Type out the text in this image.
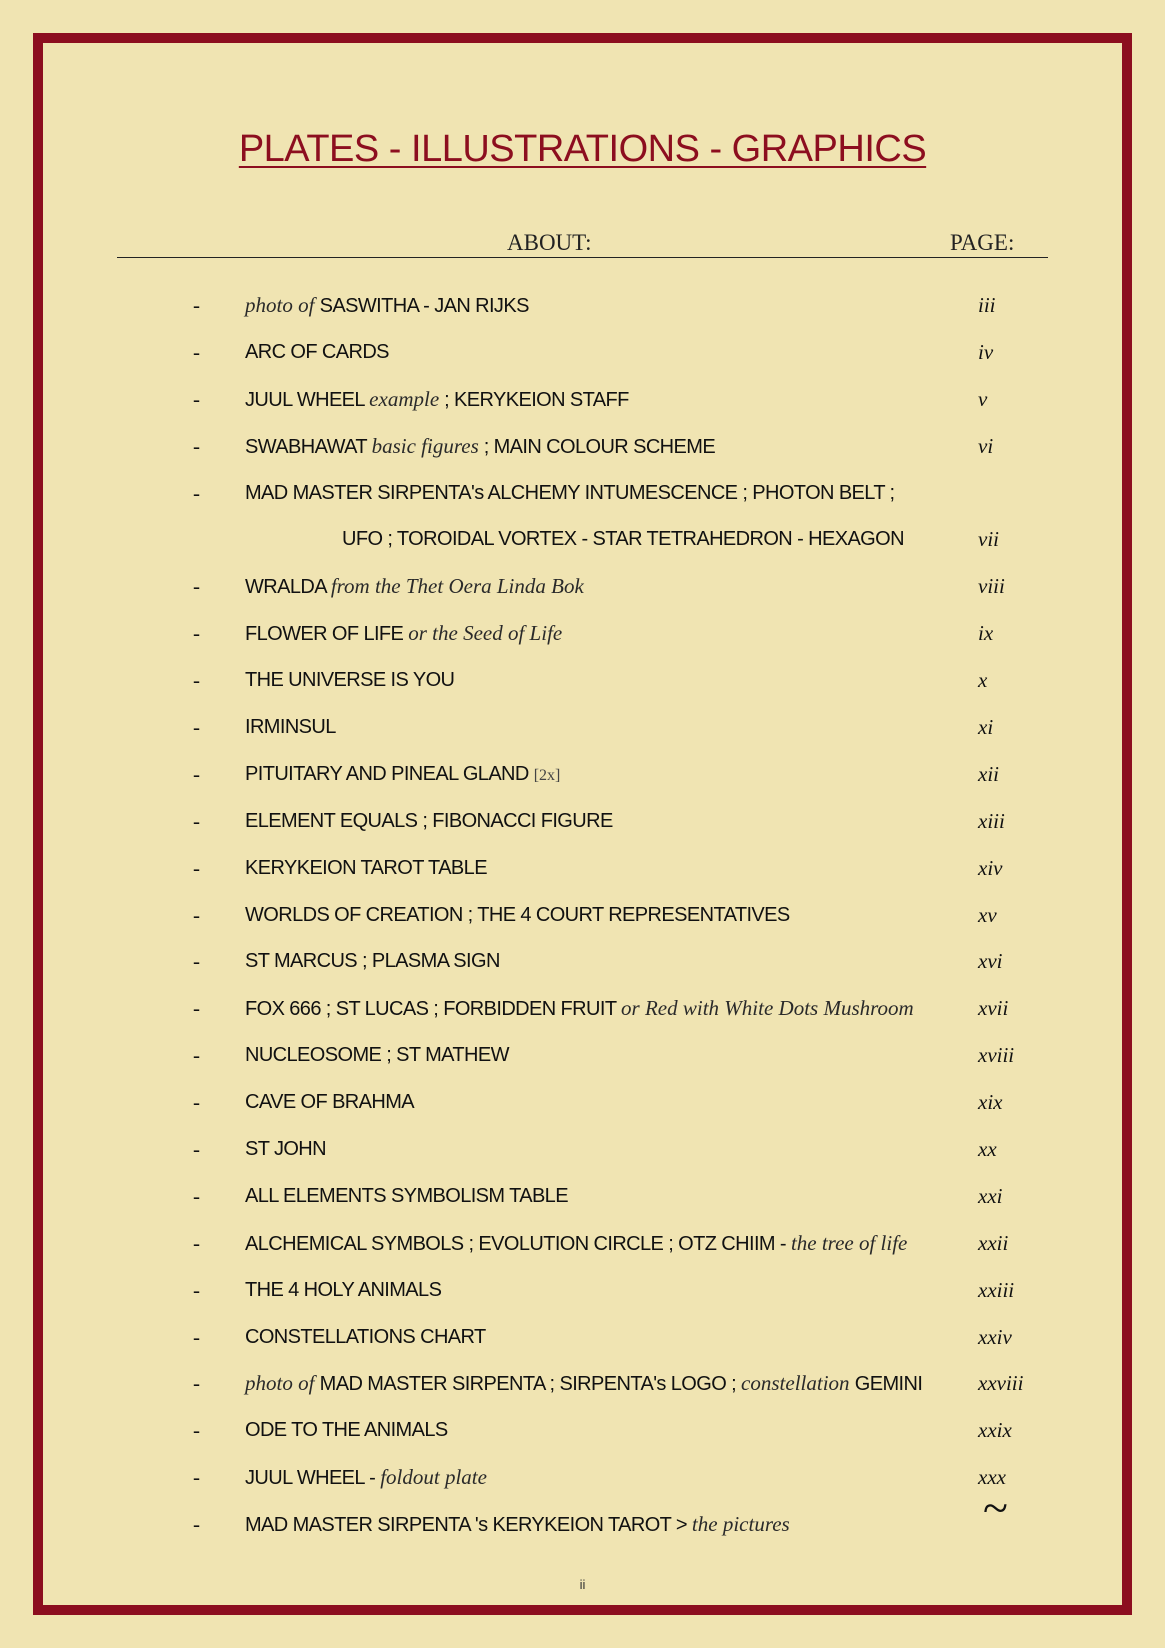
PLATES - ILLUSTRATIONS - GRAPHICS
ABOUT:	PAGE:
- photo of SASWITHA - JAN RIJKS	iii
- ARC OF CARDS	iv
- JUUL WHEEL example ; KERYKEION STAFF	v
- SWABHAWAT basic figures ; MAIN COLOUR SCHEME	vi
- MAD MASTER SIRPENTA's ALCHEMY INTUMESCENCE ; PHOTON BELT ;
UFO ; TOROIDAL VORTEX - STAR TETRAHEDRON - HEXAGON	vii
- WRALDA from the Thet Oera Linda Bok	viii
- FLOWER OF LIFE or the Seed of Life	ix
- THE UNIVERSE IS YOU	x
- IRMINSUL	xi
- PITUITARY AND PINEAL GLAND [2x]	xii
- ELEMENT EQUALS ; FIBONACCI FIGURE	xiii
- KERYKEION TAROT TABLE	xiv
- WORLDS OF CREATION ; THE 4 COURT REPRESENTATIVES	xv
- ST MARCUS ; PLASMA SIGN	xvi
- FOX 666 ; ST LUCAS ; FORBIDDEN FRUIT or Red with White Dots Mushroom	xvii
- NUCLEOSOME ; ST MATHEW	xviii
- CAVE OF BRAHMA	xix
- ST JOHN	xx
- ALL ELEMENTS SYMBOLISM TABLE	xxi
- ALCHEMICAL SYMBOLS ; EVOLUTION CIRCLE ; OTZ CHIIM - the tree of life	xxii
- THE 4 HOLY ANIMALS	xxiii
- CONSTELLATIONS CHART	xxiv
- photo of MAD MASTER SIRPENTA ; SIRPENTA's LOGO ; constellation GEMINI	xxviii
- ODE TO THE ANIMALS	xxix
- JUUL WHEEL - foldout plate	xxx
- MAD MASTER SIRPENTA 's KERYKEION TAROT > the pictures	~
ii
